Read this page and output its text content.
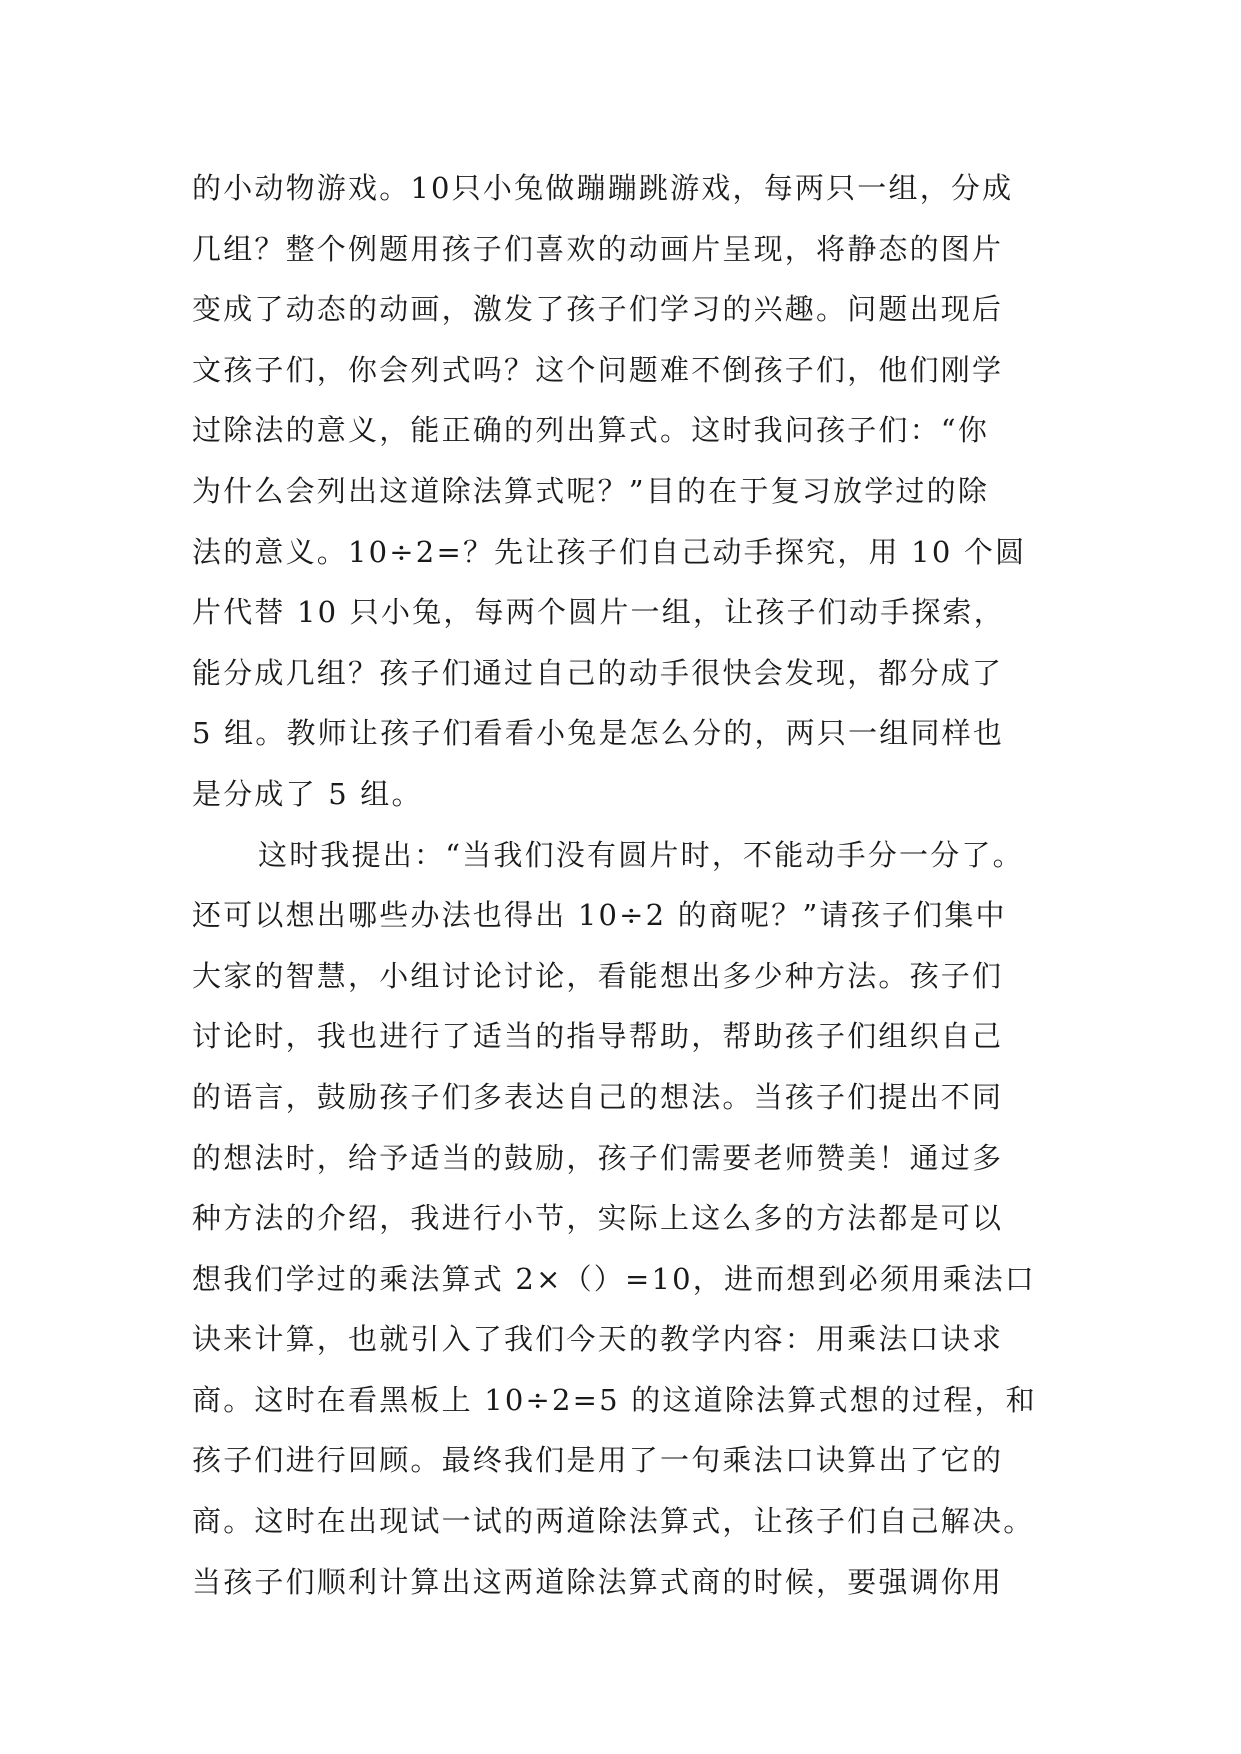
的小动物游戏。10只小兔做蹦蹦跳游戏，每两只一组，分成
几组？整个例题用孩子们喜欢的动画片呈现，将静态的图片
变成了动态的动画，激发了孩子们学习的兴趣。问题出现后
文孩子们，你会列式吗？这个问题难不倒孩子们，他们刚学
过除法的意义，能正确的列出算式。这时我问孩子们：“你
为什么会列出这道除法算式呢？”目的在于复习放学过的除
法的意义。10÷2=？先让孩子们自己动手探究，用 10 个圆
片代替 10 只小兔，每两个圆片一组，让孩子们动手探索，
能分成几组？孩子们通过自己的动手很快会发现，都分成了
5 组。教师让孩子们看看小兔是怎么分的，两只一组同样也
是分成了 5 组。
这时我提出：“当我们没有圆片时，不能动手分一分了。
还可以想出哪些办法也得出 10÷2 的商呢？”请孩子们集中
大家的智慧，小组讨论讨论，看能想出多少种方法。孩子们
讨论时，我也进行了适当的指导帮助，帮助孩子们组织自己
的语言，鼓励孩子们多表达自己的想法。当孩子们提出不同
的想法时，给予适当的鼓励，孩子们需要老师赞美！通过多
种方法的介绍，我进行小节，实际上这么多的方法都是可以
想我们学过的乘法算式 2×（）=10，进而想到必须用乘法口
诀来计算，也就引入了我们今天的教学内容：用乘法口诀求
商。这时在看黑板上 10÷2=5 的这道除法算式想的过程，和
孩子们进行回顾。最终我们是用了一句乘法口诀算出了它的
商。这时在出现试一试的两道除法算式，让孩子们自己解决。
当孩子们顺利计算出这两道除法算式商的时候，要强调你用
